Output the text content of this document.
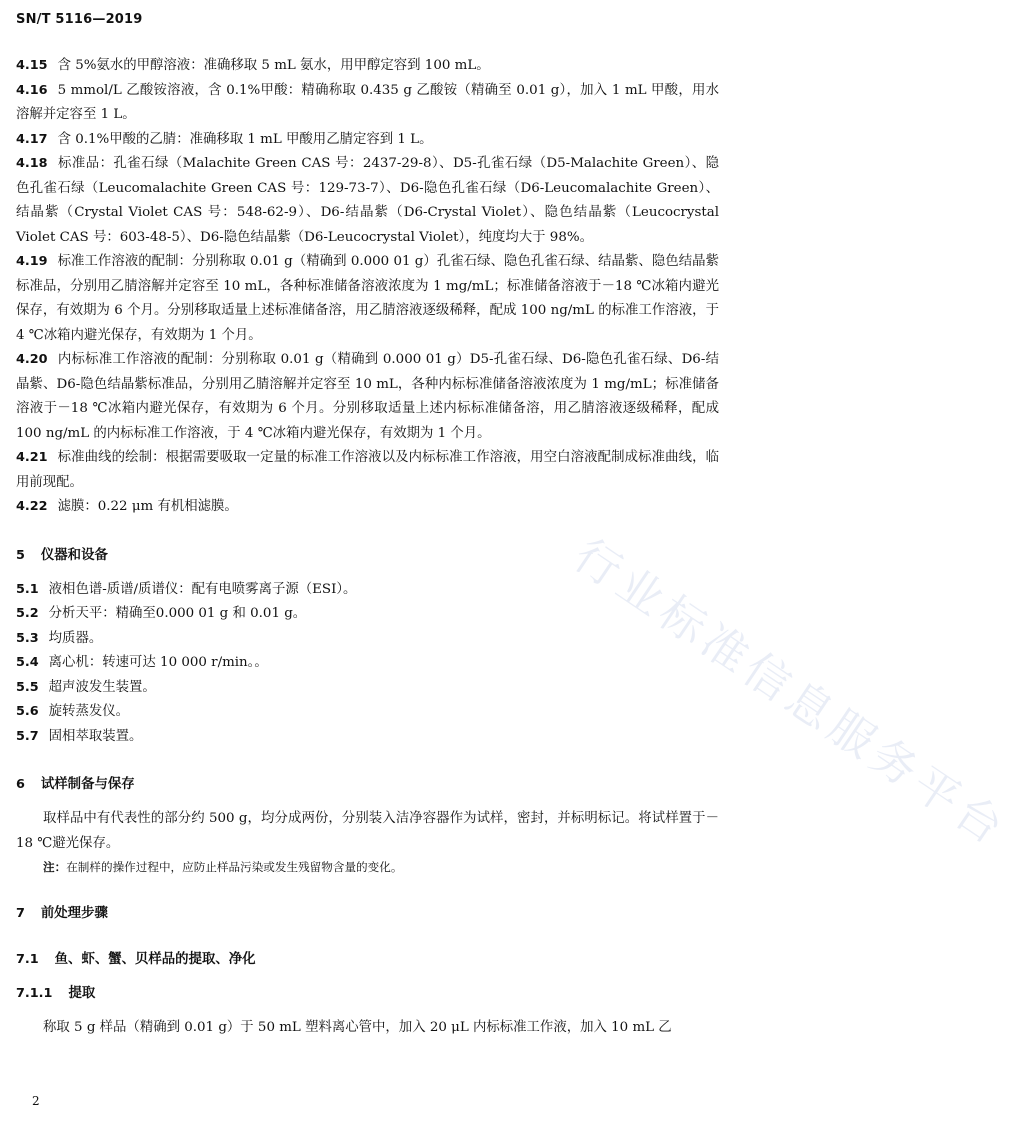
SN/T 5116—2019
行业标准信息服务平台

4.15 含 5%氨水的甲醇溶液：准确移取 5 mL 氨水，用甲醇定容到 100 mL。

4.16 5 mmol/L 乙酸铵溶液，含 0.1%甲酸：精确称取 0.435 g 乙酸铵（精确至 0.01 g），加入 1 mL 甲酸，用水溶解并定容至 1 L。

4.17 含 0.1%甲酸的乙腈：准确移取 1 mL 甲酸用乙腈定容到 1 L。

4.18 标准品：孔雀石绿（Malachite Green CAS 号：2437-29-8）、D5-孔雀石绿（D5-Malachite Green）、隐色孔雀石绿（Leucomalachite Green CAS 号：129-73-7）、D6-隐色孔雀石绿（D6-Leucomalachite Green）、结晶紫（Crystal Violet CAS 号：548-62-9）、D6-结晶紫（D6-Crystal Violet）、隐色结晶紫（Leucocrystal Violet CAS 号：603-48-5）、D6-隐色结晶紫（D6-Leucocrystal Violet），纯度均大于 98%。

4.19 标准工作溶液的配制：分别称取 0.01 g（精确到 0.000 01 g）孔雀石绿、隐色孔雀石绿、结晶紫、隐色结晶紫标准品，分别用乙腈溶解并定容至 10 mL，各种标准储备溶液浓度为 1 mg/mL；标准储备溶液于－18 ℃冰箱内避光保存，有效期为 6 个月。分别移取适量上述标准储备溶，用乙腈溶液逐级稀释，配成 100 ng/mL 的标准工作溶液，于 4 ℃冰箱内避光保存，有效期为 1 个月。

4.20 内标标准工作溶液的配制：分别称取 0.01 g（精确到 0.000 01 g）D5-孔雀石绿、D6-隐色孔雀石绿、D6-结晶紫、D6-隐色结晶紫标准品，分别用乙腈溶解并定容至 10 mL，各种内标标准储备溶液浓度为 1 mg/mL；标准储备溶液于－18 ℃冰箱内避光保存，有效期为 6 个月。分别移取适量上述内标标准储备溶，用乙腈溶液逐级稀释，配成 100 ng/mL 的内标标准工作溶液，于 4 ℃冰箱内避光保存，有效期为 1 个月。

4.21 标准曲线的绘制：根据需要吸取一定量的标准工作溶液以及内标标准工作溶液，用空白溶液配制成标准曲线，临用前现配。

4.22 滤膜：0.22 μm 有机相滤膜。

5 仪器和设备

5.1 液相色谱-质谱/质谱仪：配有电喷雾离子源（ESI）。

5.2 分析天平：精确至0.000 01 g 和 0.01 g。

5.3 均质器。

5.4 离心机：转速可达 10 000 r/min。。

5.5 超声波发生装置。

5.6 旋转蒸发仪。

5.7 固相萃取装置。

6 试样制备与保存

取样品中有代表性的部分约 500 g，均分成两份，分别装入洁净容器作为试样，密封，并标明标记。将试样置于－18 ℃避光保存。

注：在制样的操作过程中，应防止样品污染或发生残留物含量的变化。

7 前处理步骤

7.1 鱼、虾、蟹、贝样品的提取、净化

7.1.1 提取

称取 5 g 样品（精确到 0.01 g）于 50 mL 塑料离心管中，加入 20 μL 内标标准工作液，加入 10 mL 乙

2
